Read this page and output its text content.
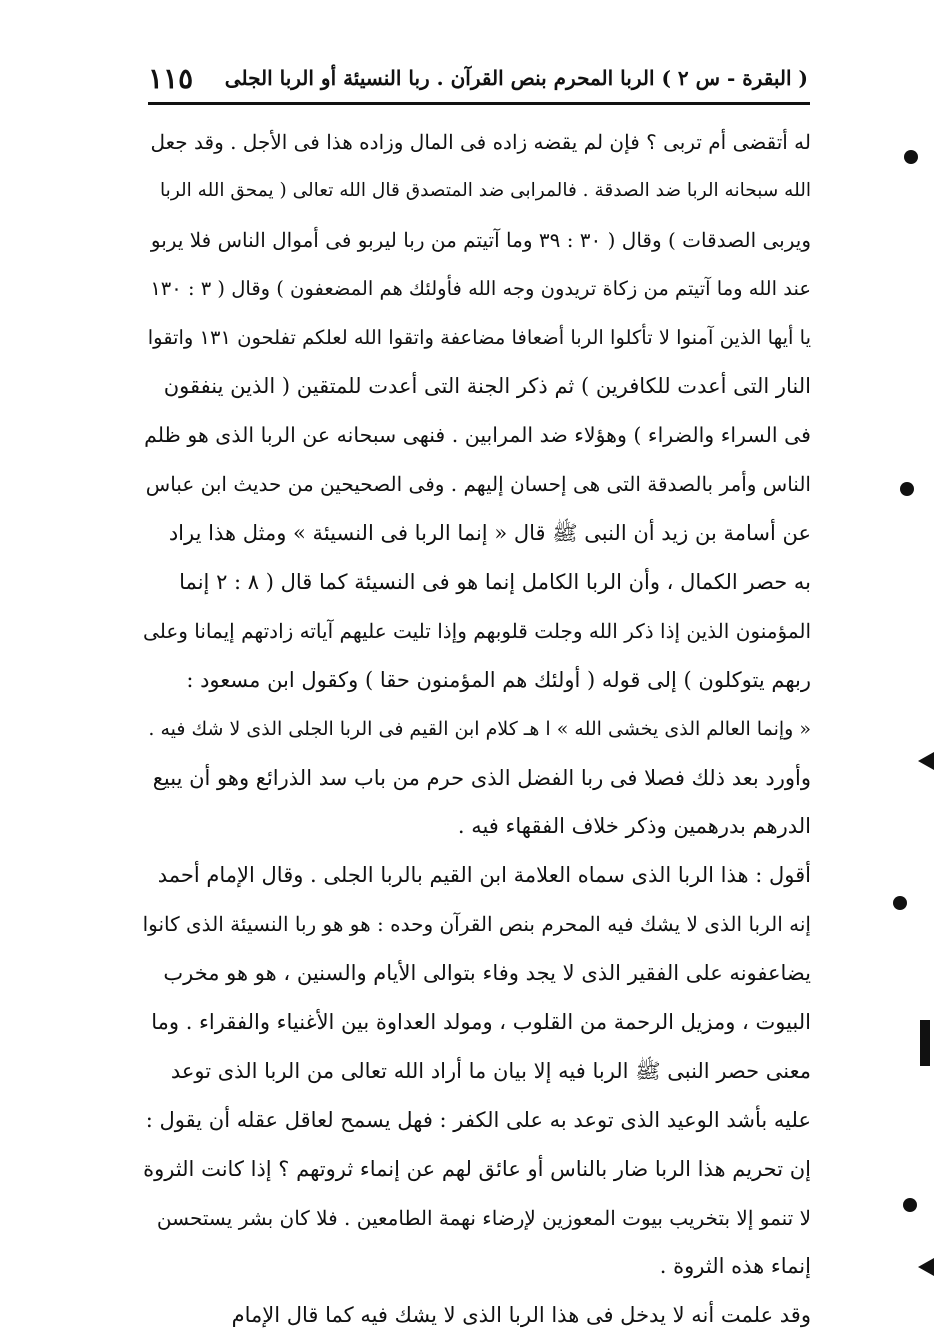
( البقرة - س ٢ ) الربا المحرم بنص القرآن . ربا النسيئة أو الربا الجلى
١١٥
له أتقضى أم تربى ؟ فإن لم يقضه زاده فى المال وزاده هذا فى الأجل . وقد جعل
الله سبحانه الربا ضد الصدقة . فالمرابى ضد المتصدق قال الله تعالى ( يمحق الله الربا
ويربى الصدقات ) وقال ( ٣٠ : ٣٩ وما آتيتم من ربا ليربو فى أموال الناس فلا يربو
عند الله وما آتيتم من زكاة تريدون وجه الله فأولئك هم المضعفون ) وقال ( ٣ : ١٣٠
يا أيها الذين آمنوا لا تأكلوا الربا أضعافا مضاعفة واتقوا الله لعلكم تفلحون ١٣١ واتقوا
النار التى أعدت للكافرين ) ثم ذكر الجنة التى أعدت للمتقين ( الذين ينفقون
فى السراء والضراء ) وهؤلاء ضد المرابين . فنهى سبحانه عن الربا الذى هو ظلم
الناس وأمر بالصدقة التى هى إحسان إليهم . وفى الصحيحين من حديث ابن عباس
عن أسامة بن زيد أن النبى ﷺ قال « إنما الربا فى النسيئة » ومثل هذا يراد
به حصر الكمال ، وأن الربا الكامل إنما هو فى النسيئة كما قال ( ٨ : ٢ إنما
المؤمنون الذين إذا ذكر الله وجلت قلوبهم وإذا تليت عليهم آياته زادتهم إيمانا وعلى
ربهم يتوكلون ) إلى قوله ( أولئك هم المؤمنون حقا ) وكقول ابن مسعود :
« وإنما العالم الذى يخشى الله » ا هـ كلام ابن القيم فى الربا الجلى الذى لا شك فيه .
وأورد بعد ذلك فصلا فى ربا الفضل الذى حرم من باب سد الذرائع وهو أن يبيع
الدرهم بدرهمين وذكر خلاف الفقهاء فيه .
أقول : هذا الربا الذى سماه العلامة ابن القيم بالربا الجلى . وقال الإمام أحمد
إنه الربا الذى لا يشك فيه المحرم بنص القرآن وحده : هو هو ربا النسيئة الذى كانوا
يضاعفونه على الفقير الذى لا يجد وفاء بتوالى الأيام والسنين ، هو هو مخرب
البيوت ، ومزيل الرحمة من القلوب ، ومولد العداوة بين الأغنياء والفقراء . وما
معنى حصر النبى ﷺ الربا فيه إلا بيان ما أراد الله تعالى من الربا الذى توعد
عليه بأشد الوعيد الذى توعد به على الكفر : فهل يسمح لعاقل عقله أن يقول :
إن تحريم هذا الربا ضار بالناس أو عائق لهم عن إنماء ثروتهم ؟ إذا كانت الثروة
لا تنمو إلا بتخريب بيوت المعوزين لإرضاء نهمة الطامعين . فلا كان بشر يستحسن
إنماء هذه الثروة .
وقد علمت أنه لا يدخل فى هذا الربا الذى لا يشك فيه كما قال الإمام
